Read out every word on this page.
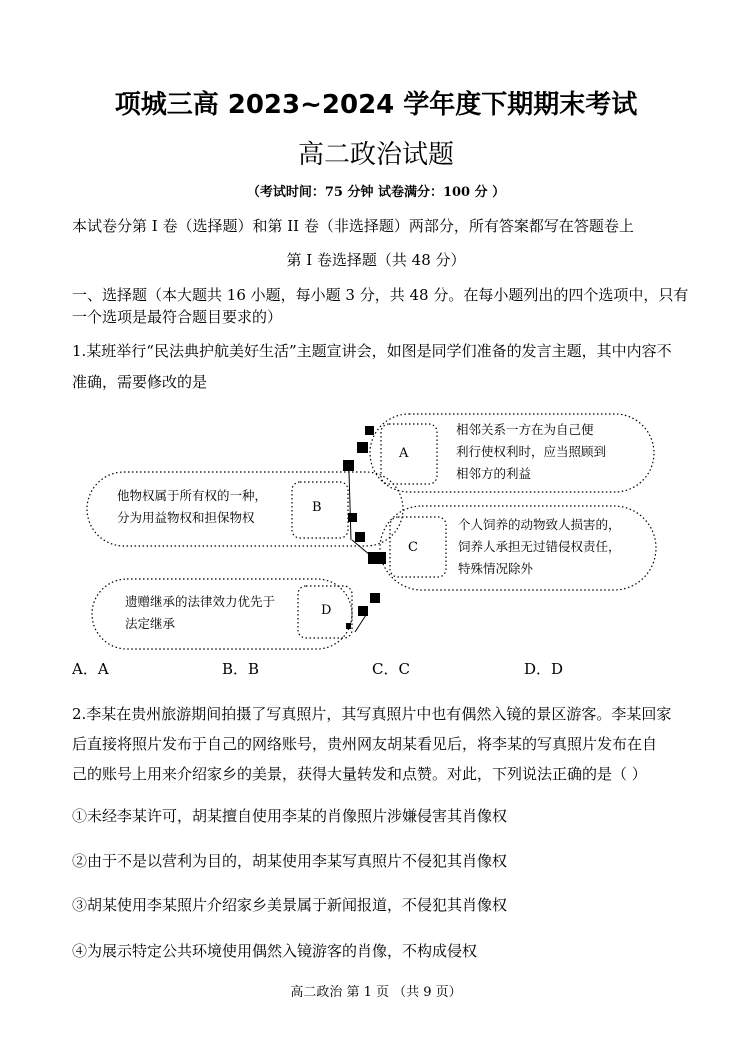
项城三高 2023~2024 学年度下期期末考试
高二政治试题
（考试时间：75 分钟 试卷满分：100 分 ）
本试卷分第 I 卷（选择题）和第 II 卷（非选择题）两部分，所有答案都写在答题卷上
第 I 卷选择题（共 48 分）
一、选择题（本大题共 16 小题，每小题 3 分，共 48 分。在每小题列出的四个选项中，只有
一个选项是最符合题目要求的）
1.某班举行“民法典护航美好生活”主题宣讲会，如图是同学们准备的发言主题，其中内容不
准确，需要修改的是
A
B
C
D
相邻关系一方在为自己便
利行使权利时，应当照顾到
相邻方的利益
他物权属于所有权的一种，
分为用益物权和担保物权	个人饲养的动物致人损害的，
饲养人承担无过错侵权责任，
特殊情况除外
遗赠继承的法律效力优先于
法定继承
A．A	B．B	C．C	D．D
2.李某在贵州旅游期间拍摄了写真照片，其写真照片中也有偶然入镜的景区游客。李某回家
后直接将照片发布于自己的网络账号，贵州网友胡某看见后，将李某的写真照片发布在自
己的账号上用来介绍家乡的美景，获得大量转发和点赞。对此，下列说法正确的是（ ）
①未经李某许可，胡某擅自使用李某的肖像照片涉嫌侵害其肖像权
②由于不是以营利为目的，胡某使用李某写真照片不侵犯其肖像权
③胡某使用李某照片介绍家乡美景属于新闻报道，不侵犯其肖像权
④为展示特定公共环境使用偶然入镜游客的肖像，不构成侵权
高二政治 第 1 页 （共 9 页）
